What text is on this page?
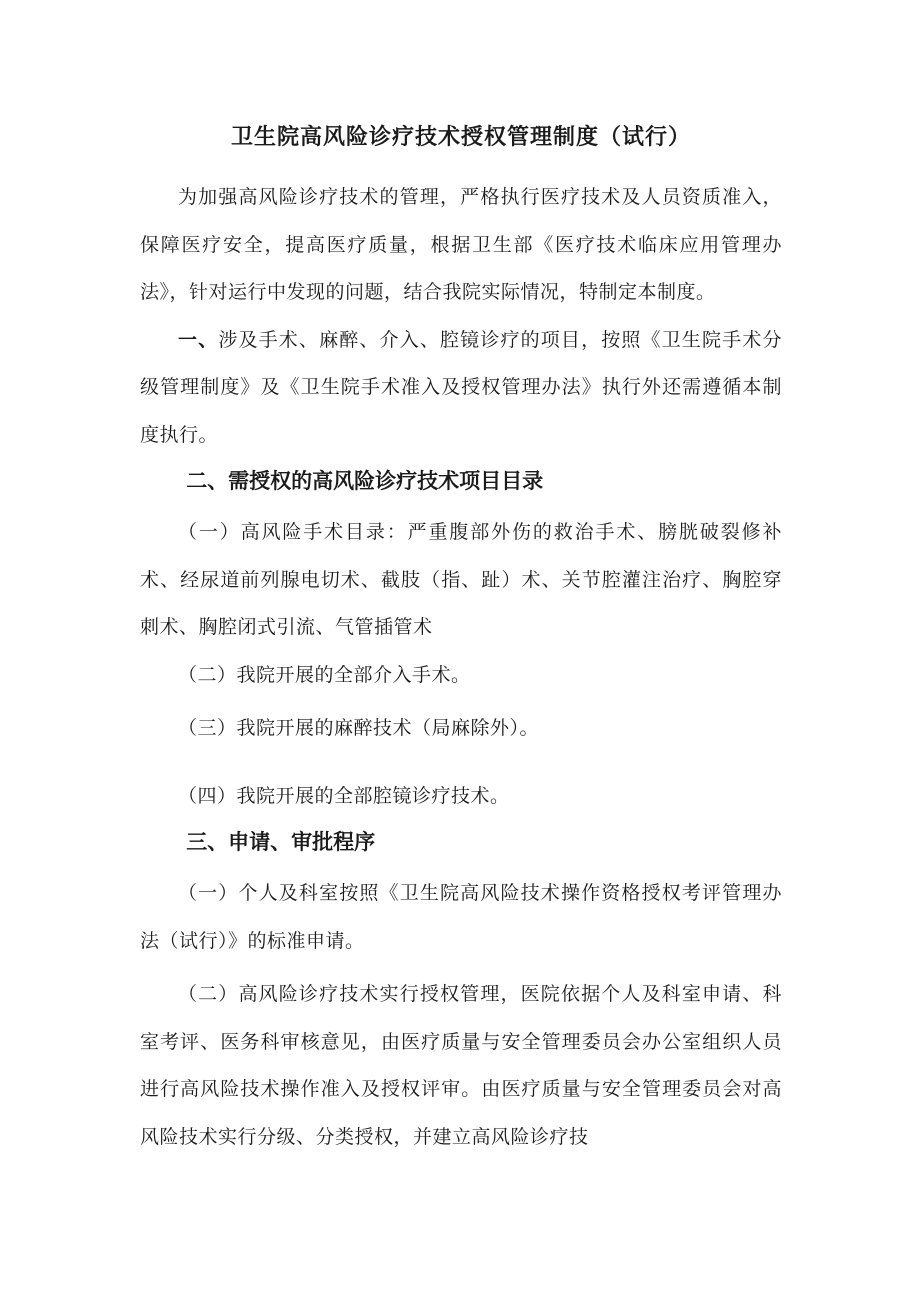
卫生院高风险诊疗技术授权管理制度（试行）

为加强高风险诊疗技术的管理，严格执行医疗技术及人员资质准入，保障医疗安全，提高医疗质量，根据卫生部《医疗技术临床应用管理办法》，针对运行中发现的问题，结合我院实际情况，特制定本制度。

一、涉及手术、麻醉、介入、腔镜诊疗的项目，按照《卫生院手术分级管理制度》及《卫生院手术准入及授权管理办法》执行外还需遵循本制度执行。

二、需授权的高风险诊疗技术项目目录

（一）高风险手术目录：严重腹部外伤的救治手术、膀胱破裂修补术、经尿道前列腺电切术、截肢（指、趾）术、关节腔灌注治疗、胸腔穿刺术、胸腔闭式引流、气管插管术

（二）我院开展的全部介入手术。

（三）我院开展的麻醉技术（局麻除外）。

（四）我院开展的全部腔镜诊疗技术。

三、申请、审批程序

（一）个人及科室按照《卫生院高风险技术操作资格授权考评管理办法（试行）》的标准申请。

（二）高风险诊疗技术实行授权管理，医院依据个人及科室申请、科室考评、医务科审核意见，由医疗质量与安全管理委员会办公室组织人员进行高风险技术操作准入及授权评审。由医疗质量与安全管理委员会对高风险技术实行分级、分类授权，并建立高风险诊疗技
